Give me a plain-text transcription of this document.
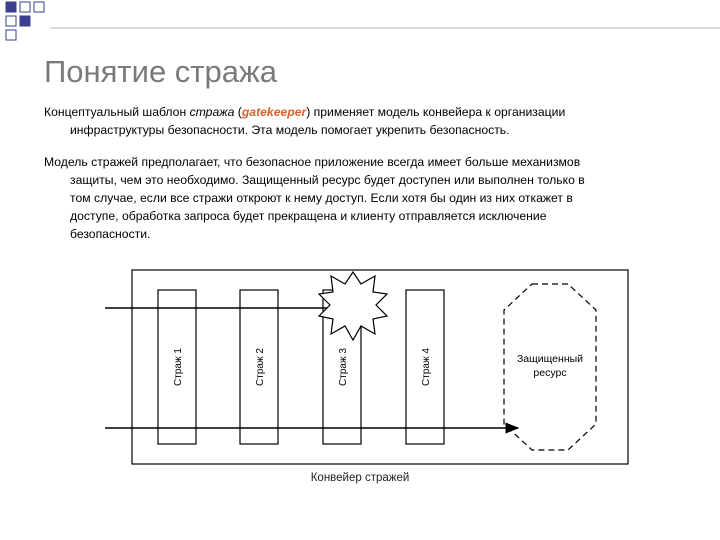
Понятие стража
Концептуальный шаблон стража (gatekeeper) применяет модель конвейера к организации
инфраструктуры безопасности. Эта модель помогает укрепить безопасность.
Модель стражей предполагает, что безопасное приложение всегда имеет больше механизмов
защиты, чем это необходимо. Защищенный ресурс будет доступен или выполнен только в
том случае, если все стражи откроют к нему доступ. Если хотя бы один из них откажет в
доступе, обработка запроса будет прекращена и клиенту отправляется исключение
безопасности.
Страж 1	Страж 2	Страж 3	Страж 4	Защищенный
ресурс
Конвейер стражей
